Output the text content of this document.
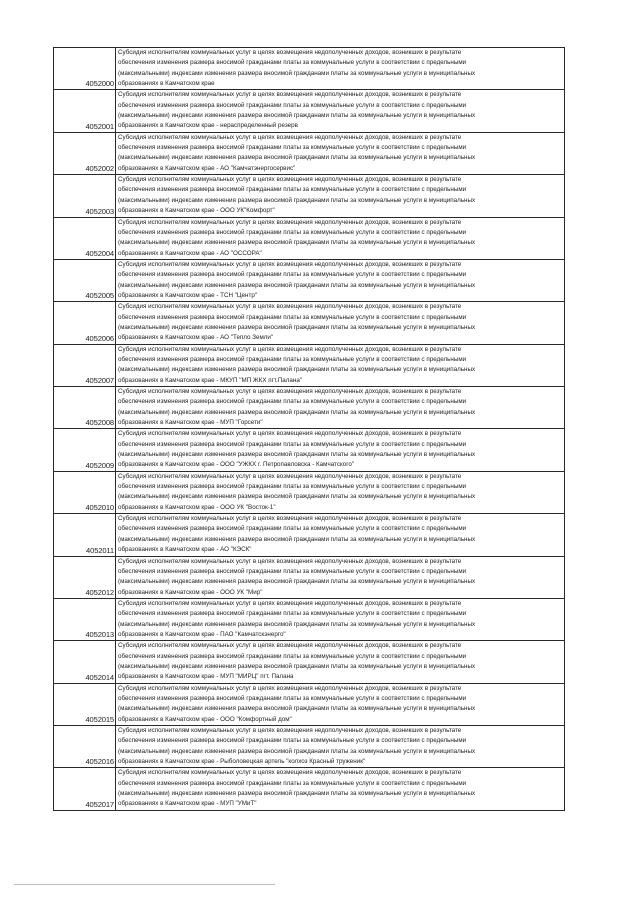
4052000	Субсидия исполнителям коммунальных услуг в целях возмещения недополученных доходов, возникших в результате
обеспечения изменения размера вносимой гражданами платы за коммунальные услуги в соответствии с предельными
(максимальными) индексами изменения размера вносимой гражданами платы за коммунальные услуги в муниципальных
образованиях в Камчатском крае

4052001	Субсидия исполнителям коммунальных услуг в целях возмещения недополученных доходов, возникших в результате
обеспечения изменения размера вносимой гражданами платы за коммунальные услуги в соответствии с предельными
(максимальными) индексами изменения размера вносимой гражданами платы за коммунальные услуги в муниципальных
образованиях в Камчатском крае - нераспределенный резерв

4052002	Субсидия исполнителям коммунальных услуг в целях возмещения недополученных доходов, возникших в результате
обеспечения изменения размера вносимой гражданами платы за коммунальные услуги в соответствии с предельными
(максимальными) индексами изменения размера вносимой гражданами платы за коммунальные услуги в муниципальных
образованиях в Камчатском крае - АО "Камчатэнергосервис"

4052003	Субсидия исполнителям коммунальных услуг в целях возмещения недополученных доходов, возникших в результате
обеспечения изменения размера вносимой гражданами платы за коммунальные услуги в соответствии с предельными
(максимальными) индексами изменения размера вносимой гражданами платы за коммунальные услуги в муниципальных
образованиях в Камчатском крае - ООО УК"Комфорт"

4052004	Субсидия исполнителям коммунальных услуг в целях возмещения недополученных доходов, возникших в результате
обеспечения изменения размера вносимой гражданами платы за коммунальные услуги в соответствии с предельными
(максимальными) индексами изменения размера вносимой гражданами платы за коммунальные услуги в муниципальных
образованиях в Камчатском крае - АО "ОССОРА"

4052005	Субсидия исполнителям коммунальных услуг в целях возмещения недополученных доходов, возникших в результате
обеспечения изменения размера вносимой гражданами платы за коммунальные услуги в соответствии с предельными
(максимальными) индексами изменения размера вносимой гражданами платы за коммунальные услуги в муниципальных
образованиях в Камчатском крае - ТСН "Центр"

4052006	Субсидия исполнителям коммунальных услуг в целях возмещения недополученных доходов, возникших в результате
обеспечения изменения размера вносимой гражданами платы за коммунальные услуги в соответствии с предельными
(максимальными) индексами изменения размера вносимой гражданами платы за коммунальные услуги в муниципальных
образованиях в Камчатском крае - АО "Тепло Земли"

4052007	Субсидия исполнителям коммунальных услуг в целях возмещения недополученных доходов, возникших в результате
обеспечения изменения размера вносимой гражданами платы за коммунальные услуги в соответствии с предельными
(максимальными) индексами изменения размера вносимой гражданами платы за коммунальные услуги в муниципальных
образованиях в Камчатском крае - МКУП "МП ЖКХ пгт.Палана"

4052008	Субсидия исполнителям коммунальных услуг в целях возмещения недополученных доходов, возникших в результате
обеспечения изменения размера вносимой гражданами платы за коммунальные услуги в соответствии с предельными
(максимальными) индексами изменения размера вносимой гражданами платы за коммунальные услуги в муниципальных
образованиях в Камчатском крае - МУП "Горсети"

4052009	Субсидия исполнителям коммунальных услуг в целях возмещения недополученных доходов, возникших в результате
обеспечения изменения размера вносимой гражданами платы за коммунальные услуги в соответствии с предельными
(максимальными) индексами изменения размера вносимой гражданами платы за коммунальные услуги в муниципальных
образованиях в Камчатском крае - ООО "УЖКХ г. Петропавловска - Камчатского"

4052010	Субсидия исполнителям коммунальных услуг в целях возмещения недополученных доходов, возникших в результате
обеспечения изменения размера вносимой гражданами платы за коммунальные услуги в соответствии с предельными
(максимальными) индексами изменения размера вносимой гражданами платы за коммунальные услуги в муниципальных
образованиях в Камчатском крае - ООО УК "Восток-1"

4052011	Субсидия исполнителям коммунальных услуг в целях возмещения недополученных доходов, возникших в результате
обеспечения изменения размера вносимой гражданами платы за коммунальные услуги в соответствии с предельными
(максимальными) индексами изменения размера вносимой гражданами платы за коммунальные услуги в муниципальных
образованиях в Камчатском крае - АО "КЭСК"

4052012	Субсидия исполнителям коммунальных услуг в целях возмещения недополученных доходов, возникших в результате
обеспечения изменения размера вносимой гражданами платы за коммунальные услуги в соответствии с предельными
(максимальными) индексами изменения размера вносимой гражданами платы за коммунальные услуги в муниципальных
образованиях в Камчатском крае - ООО УК "Мир"

4052013	Субсидия исполнителям коммунальных услуг в целях возмещения недополученных доходов, возникших в результате
обеспечения изменения размера вносимой гражданами платы за коммунальные услуги в соответствии с предельными
(максимальными) индексами изменения размера вносимой гражданами платы за коммунальные услуги в муниципальных
образованиях в Камчатском крае - ПАО "Камчатскэнерго"

4052014	Субсидия исполнителям коммунальных услуг в целях возмещения недополученных доходов, возникших в результате
обеспечения изменения размера вносимой гражданами платы за коммунальные услуги в соответствии с предельными
(максимальными) индексами изменения размера вносимой гражданами платы за коммунальные услуги в муниципальных
образованиях в Камчатском крае - МУП "МИРЦ" пгт. Палана

4052015	Субсидия исполнителям коммунальных услуг в целях возмещения недополученных доходов, возникших в результате
обеспечения изменения размера вносимой гражданами платы за коммунальные услуги в соответствии с предельными
(максимальными) индексами изменения размера вносимой гражданами платы за коммунальные услуги в муниципальных
образованиях в Камчатском крае - ООО "Комфортный дом"

4052016	Субсидия исполнителям коммунальных услуг в целях возмещения недополученных доходов, возникших в результате
обеспечения изменения размера вносимой гражданами платы за коммунальные услуги в соответствии с предельными
(максимальными) индексами изменения размера вносимой гражданами платы за коммунальные услуги в муниципальных
образованиях в Камчатском крае - Рыболовецкая артель "колхоз Красный труженик"

4052017	Субсидия исполнителям коммунальных услуг в целях возмещения недополученных доходов, возникших в результате
обеспечения изменения размера вносимой гражданами платы за коммунальные услуги в соответствии с предельными
(максимальными) индексами изменения размера вносимой гражданами платы за коммунальные услуги в муниципальных
образованиях в Камчатском крае - МУП "УМиТ"
